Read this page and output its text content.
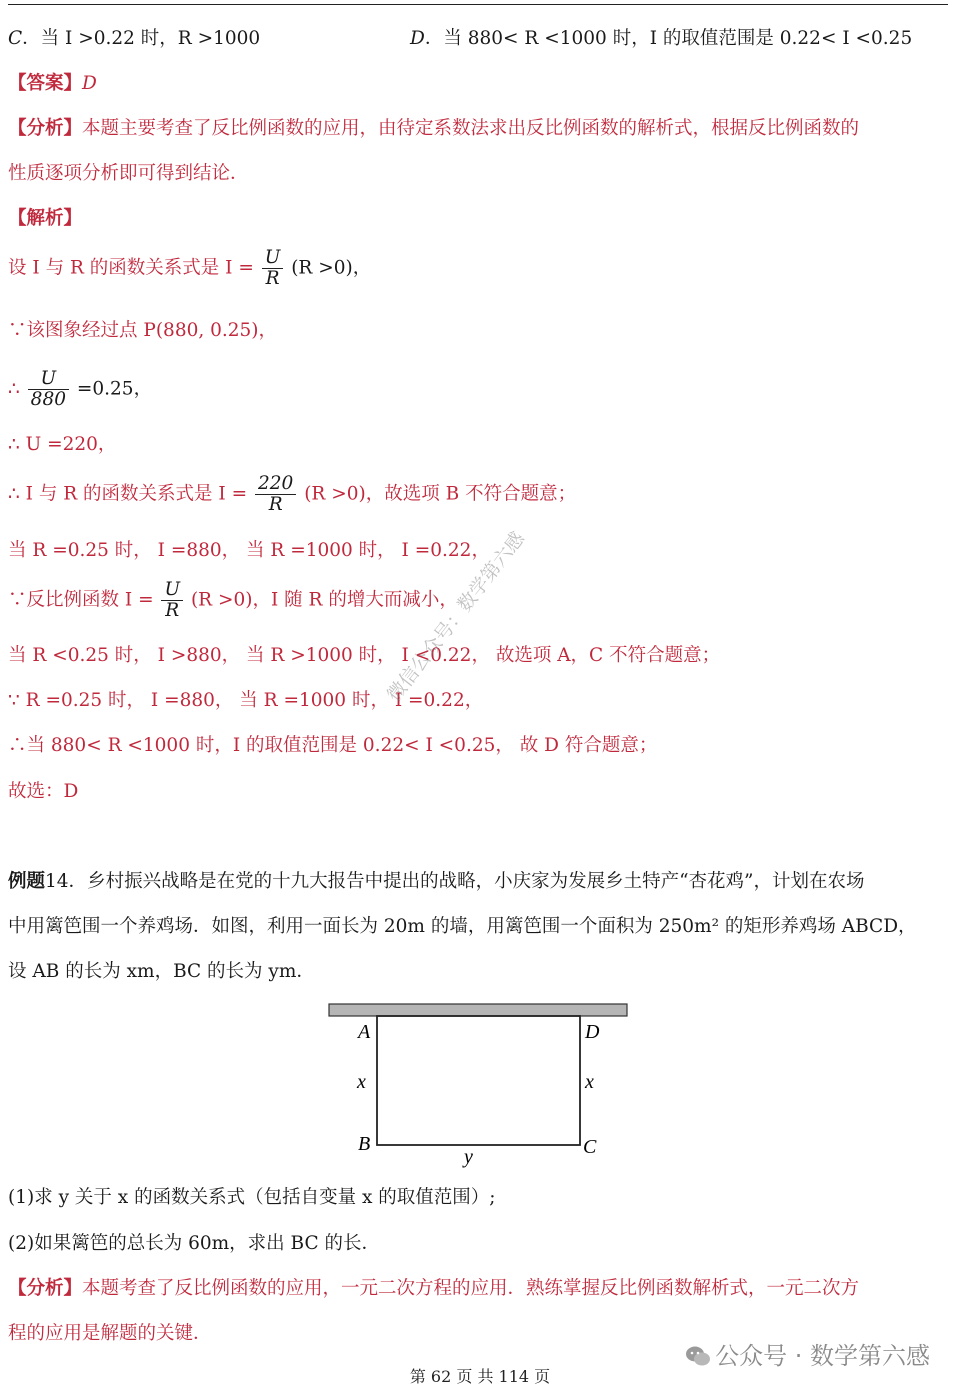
C．当 I >0.22 时，R >1000	D．当 880< R <1000 时，I 的取值范围是 0.22< I <0.25
【答案】D
【分析】本题主要考查了反比例函数的应用，由待定系数法求出反比例函数的解析式，根据反比例函数的
性质逐项分析即可得到结论．
【解析】
设 I 与 R 的函数关系式是 $I = \frac{U}{R} (R >0)$，
∵该图象经过点 P(880, 0.25)，
∴ $\frac{U}{880} =0.25$，
∴ U =220，
∴ I 与 R 的函数关系式是 $I = \frac{220}{R} (R >0)$，故选项 B 不符合题意；
当 R =0.25 时， I =880， 当 R =1000 时， I =0.22，
∵反比例函数 $I = \frac{U}{R} (R >0)$，I 随 R 的增大而减小，
当 R <0.25 时， I >880， 当 R >1000 时， I <0.22， 故选项 A，C 不符合题意；
∵ R =0.25 时， I =880， 当 R =1000 时， I =0.22，
∴当 880< R <1000 时，I 的取值范围是 0.22< I <0.25， 故 D 符合题意；
故选：D
例题14．乡村振兴战略是在党的十九大报告中提出的战略，小庆家为发展乡土特产“杏花鸡”，计划在农场
中用篱笆围一个养鸡场．如图，利用一面长为 20m 的墙，用篱笆围一个面积为 250m² 的矩形养鸡场 ABCD，
设 AB 的长为 xm，BC 的长为 ym．
A	D
x	x
B	C
y
(1)求 y 关于 x 的函数关系式（包括自变量 x 的取值范围）;
(2)如果篱笆的总长为 60m，求出 BC 的长．
【分析】本题考查了反比例函数的应用，一元二次方程的应用．熟练掌握反比例函数解析式，一元二次方
程的应用是解题的关键．
微信公众号：数学第六感
公众号 · 数学第六感
第 62 页 共 114 页
